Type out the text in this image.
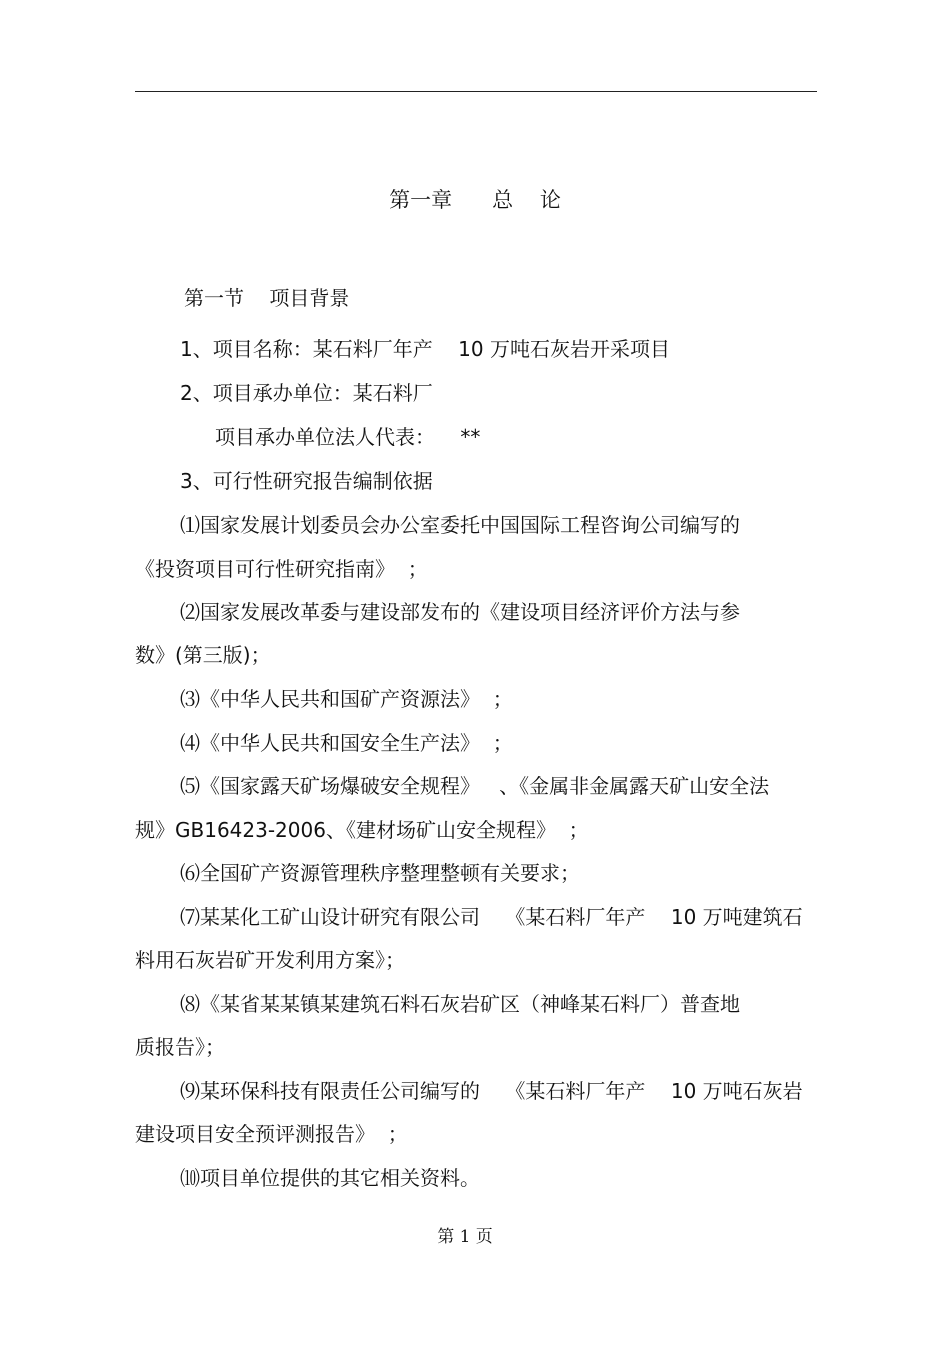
第一章      总    论

第一节    项目背景

1、项目名称：某石料厂年产    10 万吨石灰岩开采项目

2、项目承办单位：某石料厂

项目承办单位法人代表：    **

3、可行性研究报告编制依据

⑴国家发展计划委员会办公室委托中国国际工程咨询公司编写的

《投资项目可行性研究指南》  ；

⑵国家发展改革委与建设部发布的《建设项目经济评价方法与参

数》(第三版)；

⑶《中华人民共和国矿产资源法》  ；

⑷《中华人民共和国安全生产法》  ；

⑸《国家露天矿场爆破安全规程》   、《金属非金属露天矿山安全法

规》GB16423-2006、《建材场矿山安全规程》  ；

⑹全国矿产资源管理秩序整理整顿有关要求；

⑺某某化工矿山设计研究有限公司    《某石料厂年产    10 万吨建筑石

料用石灰岩矿开发利用方案》；

⑻《某省某某镇某建筑石料石灰岩矿区（神峰某石料厂）普查地

质报告》；

⑼某环保科技有限责任公司编写的    《某石料厂年产    10 万吨石灰岩

建设项目安全预评测报告》  ；

⑽项目单位提供的其它相关资料。

第 1 页
